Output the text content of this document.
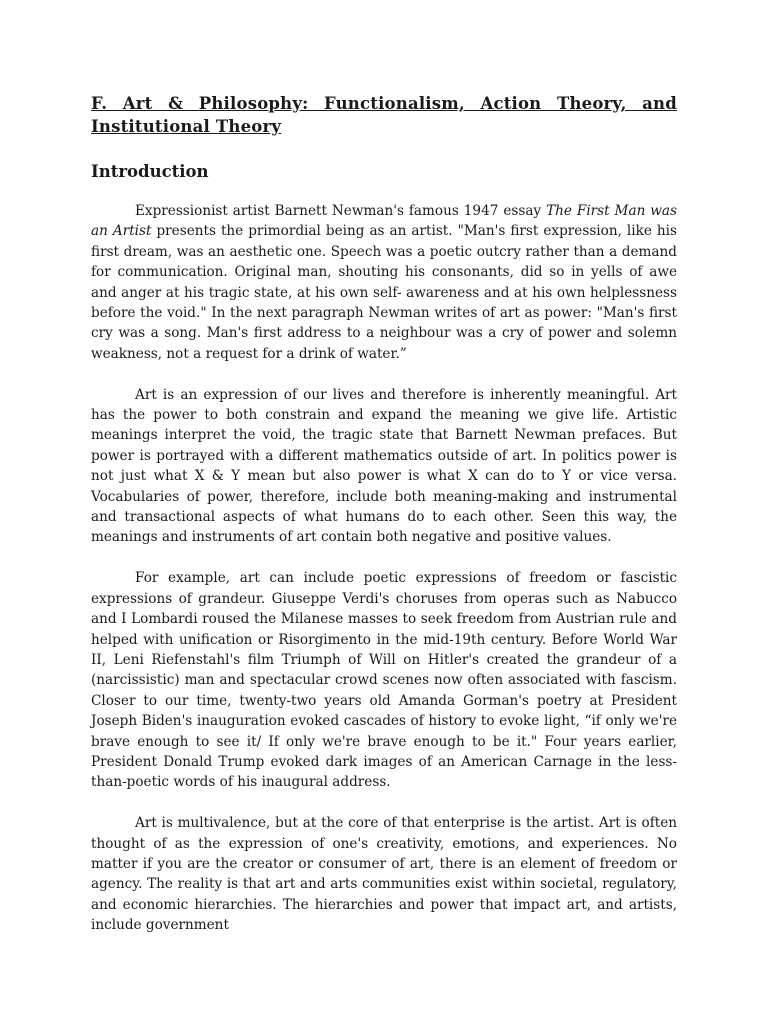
F. Art & Philosophy: Functionalism, Action Theory, and Institutional Theory
Introduction

Expressionist artist Barnett Newman's famous 1947 essay The First Man was an Artist presents the primordial being as an artist. "Man's first expression, like his first dream, was an aesthetic one. Speech was a poetic outcry rather than a demand for communication. Original man, shouting his consonants, did so in yells of awe and anger at his tragic state, at his own self- awareness and at his own helplessness before the void." In the next paragraph Newman writes of art as power: "Man's first cry was a song. Man's first address to a neighbour was a cry of power and solemn weakness, not a request for a drink of water.”

Art is an expression of our lives and therefore is inherently meaningful. Art has the power to both constrain and expand the meaning we give life. Artistic meanings interpret the void, the tragic state that Barnett Newman prefaces. But power is portrayed with a different mathematics outside of art. In politics power is not just what X & Y mean but also power is what X can do to Y or vice versa. Vocabularies of power, therefore, include both meaning-making and instrumental and transactional aspects of what humans do to each other. Seen this way, the meanings and instruments of art contain both negative and positive values.

For example, art can include poetic expressions of freedom or fascistic expressions of grandeur. Giuseppe Verdi's choruses from operas such as Nabucco and I Lombardi roused the Milanese masses to seek freedom from Austrian rule and helped with unification or Risorgimento in the mid-19th century. Before World War II, Leni Riefenstahl's film Triumph of Will on Hitler's created the grandeur of a (narcissistic) man and spectacular crowd scenes now often associated with fascism. Closer to our time, twenty-two years old Amanda Gorman's poetry at President Joseph Biden's inauguration evoked cascades of history to evoke light, “if only we're brave enough to see it/ If only we're brave enough to be it." Four years earlier, President Donald Trump evoked dark images of an American Carnage in the less-than-poetic words of his inaugural address.

Art is multivalence, but at the core of that enterprise is the artist. Art is often thought of as the expression of one's creativity, emotions, and experiences. No matter if you are the creator or consumer of art, there is an element of freedom or agency. The reality is that art and arts communities exist within societal, regulatory, and economic hierarchies. The hierarchies and power that impact art, and artists, include government
